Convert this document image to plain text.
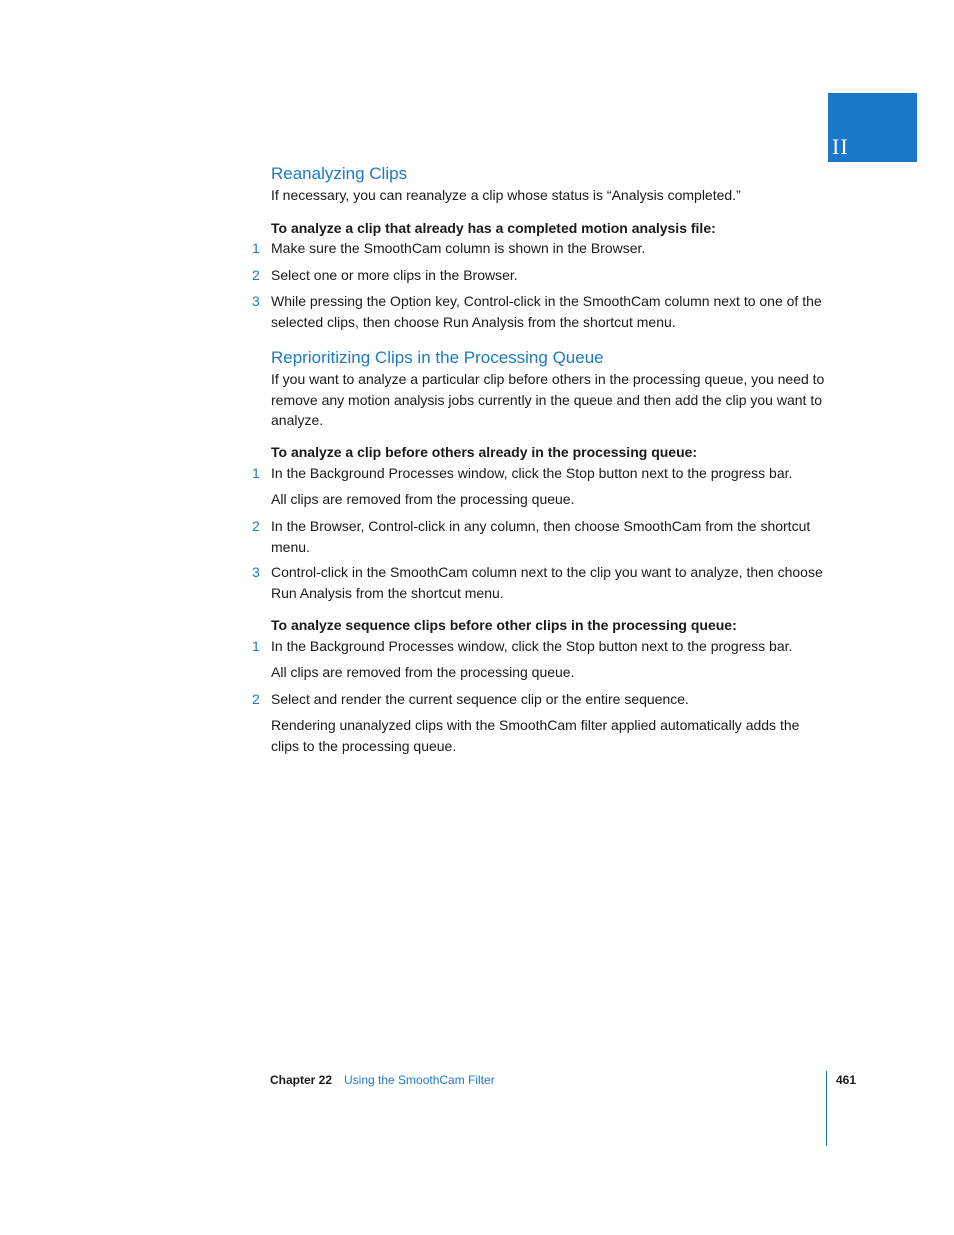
II
Reanalyzing Clips
If necessary, you can reanalyze a clip whose status is “Analysis completed.”
To analyze a clip that already has a completed motion analysis file:
1 Make sure the SmoothCam column is shown in the Browser.
2 Select one or more clips in the Browser.
3 While pressing the Option key, Control-click in the SmoothCam column next to one of the selected clips, then choose Run Analysis from the shortcut menu.
Reprioritizing Clips in the Processing Queue
If you want to analyze a particular clip before others in the processing queue, you need to remove any motion analysis jobs currently in the queue and then add the clip you want to analyze.
To analyze a clip before others already in the processing queue:
1 In the Background Processes window, click the Stop button next to the progress bar.
All clips are removed from the processing queue.
2 In the Browser, Control-click in any column, then choose SmoothCam from the shortcut menu.
3 Control-click in the SmoothCam column next to the clip you want to analyze, then choose Run Analysis from the shortcut menu.
To analyze sequence clips before other clips in the processing queue:
1 In the Background Processes window, click the Stop button next to the progress bar.
All clips are removed from the processing queue.
2 Select and render the current sequence clip or the entire sequence.
Rendering unanalyzed clips with the SmoothCam filter applied automatically adds the clips to the processing queue.
Chapter 22 Using the SmoothCam Filter	461
